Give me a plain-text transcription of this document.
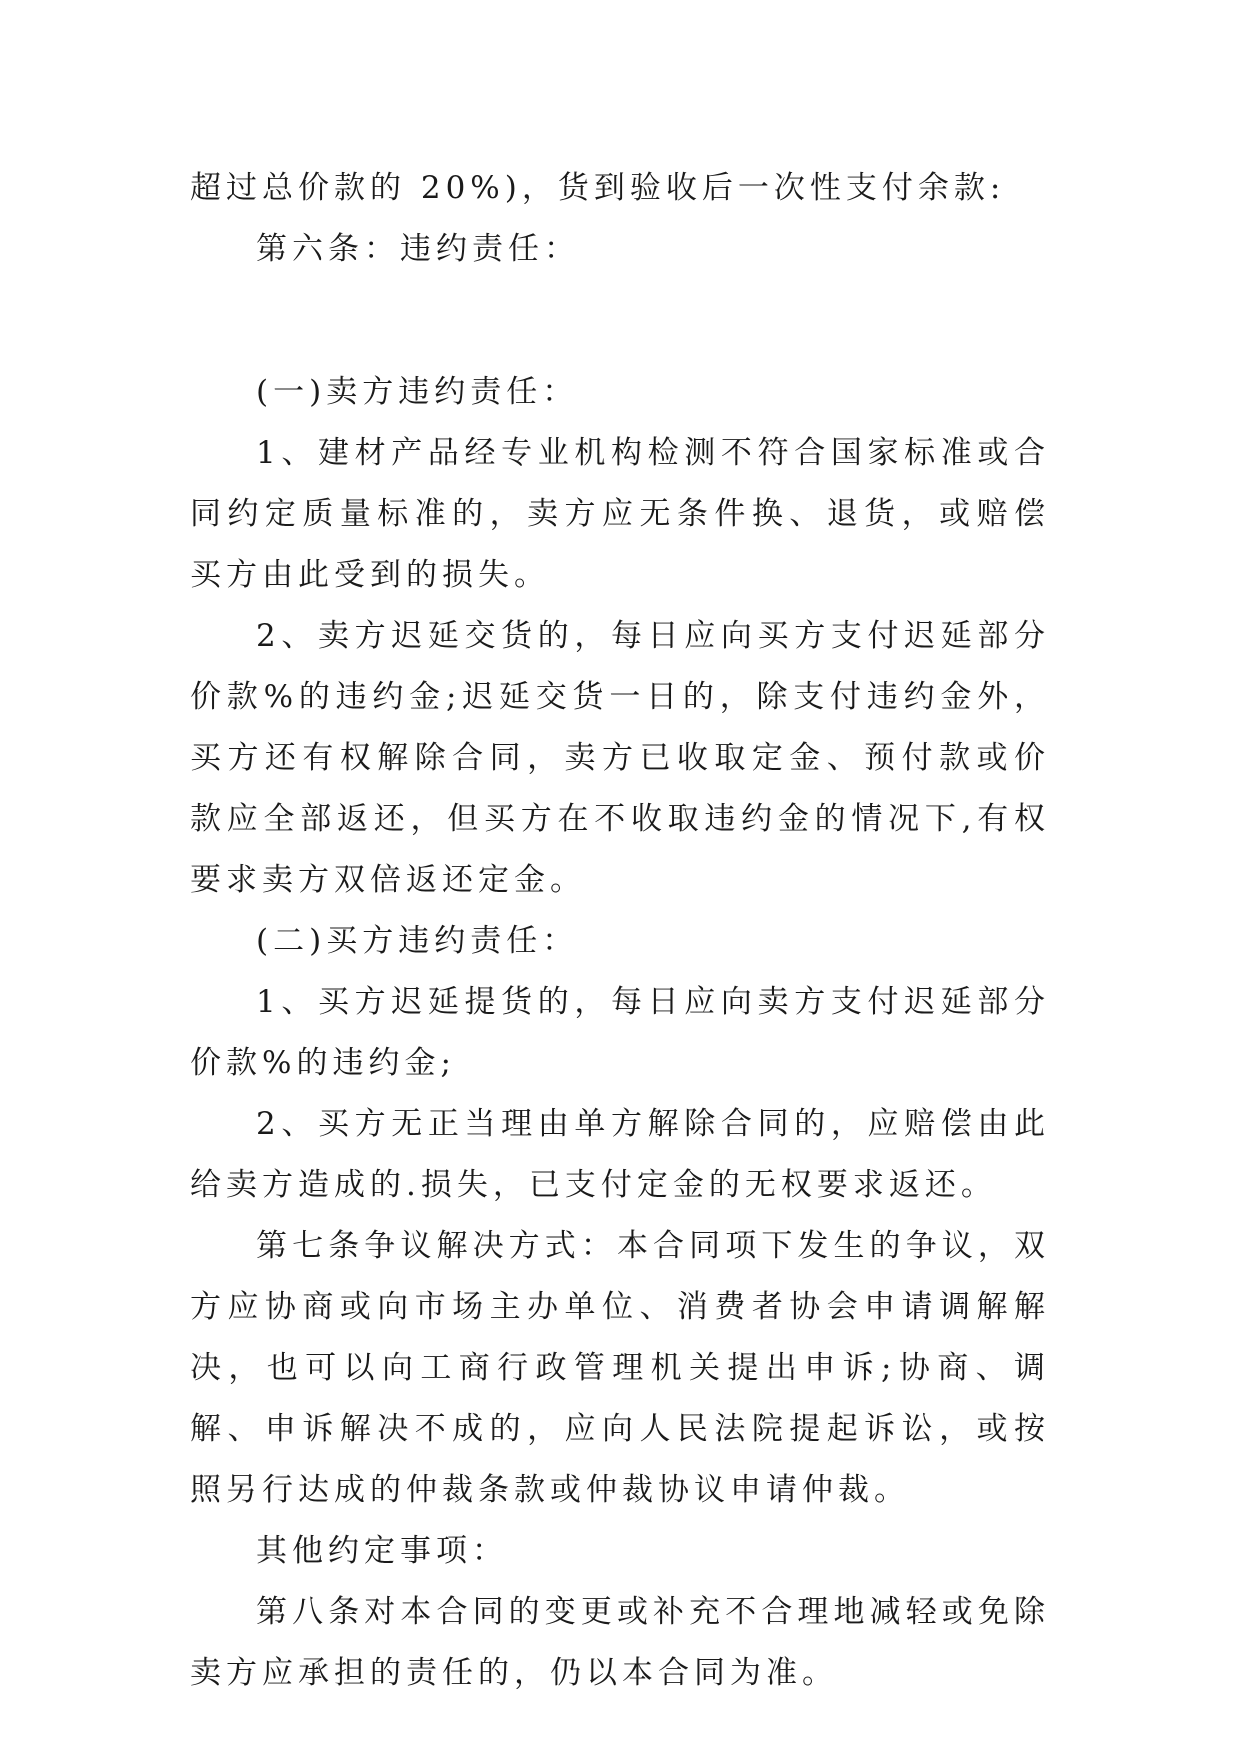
超过总价款的 20%)，货到验收后一次性支付余款:

第六条：违约责任：

(一)卖方违约责任：

1、建材产品经专业机构检测不符合国家标准或合同约定质量标准的，卖方应无条件换、退货，或赔偿买方由此受到的损失。

2、卖方迟延交货的，每日应向买方支付迟延部分价款%的违约金;迟延交货一日的，除支付违约金外，买方还有权解除合同，卖方已收取定金、预付款或价款应全部返还，但买方在不收取违约金的情况下,有权要求卖方双倍返还定金。

(二)买方违约责任：

1、买方迟延提货的，每日应向卖方支付迟延部分价款%的违约金;

2、买方无正当理由单方解除合同的，应赔偿由此给卖方造成的.损失，已支付定金的无权要求返还。

第七条争议解决方式：本合同项下发生的争议，双方应协商或向市场主办单位、消费者协会申请调解解决，也可以向工商行政管理机关提出申诉;协商、调解、申诉解决不成的，应向人民法院提起诉讼，或按照另行达成的仲裁条款或仲裁协议申请仲裁。

其他约定事项：

第八条对本合同的变更或补充不合理地减轻或免除卖方应承担的责任的，仍以本合同为准。
